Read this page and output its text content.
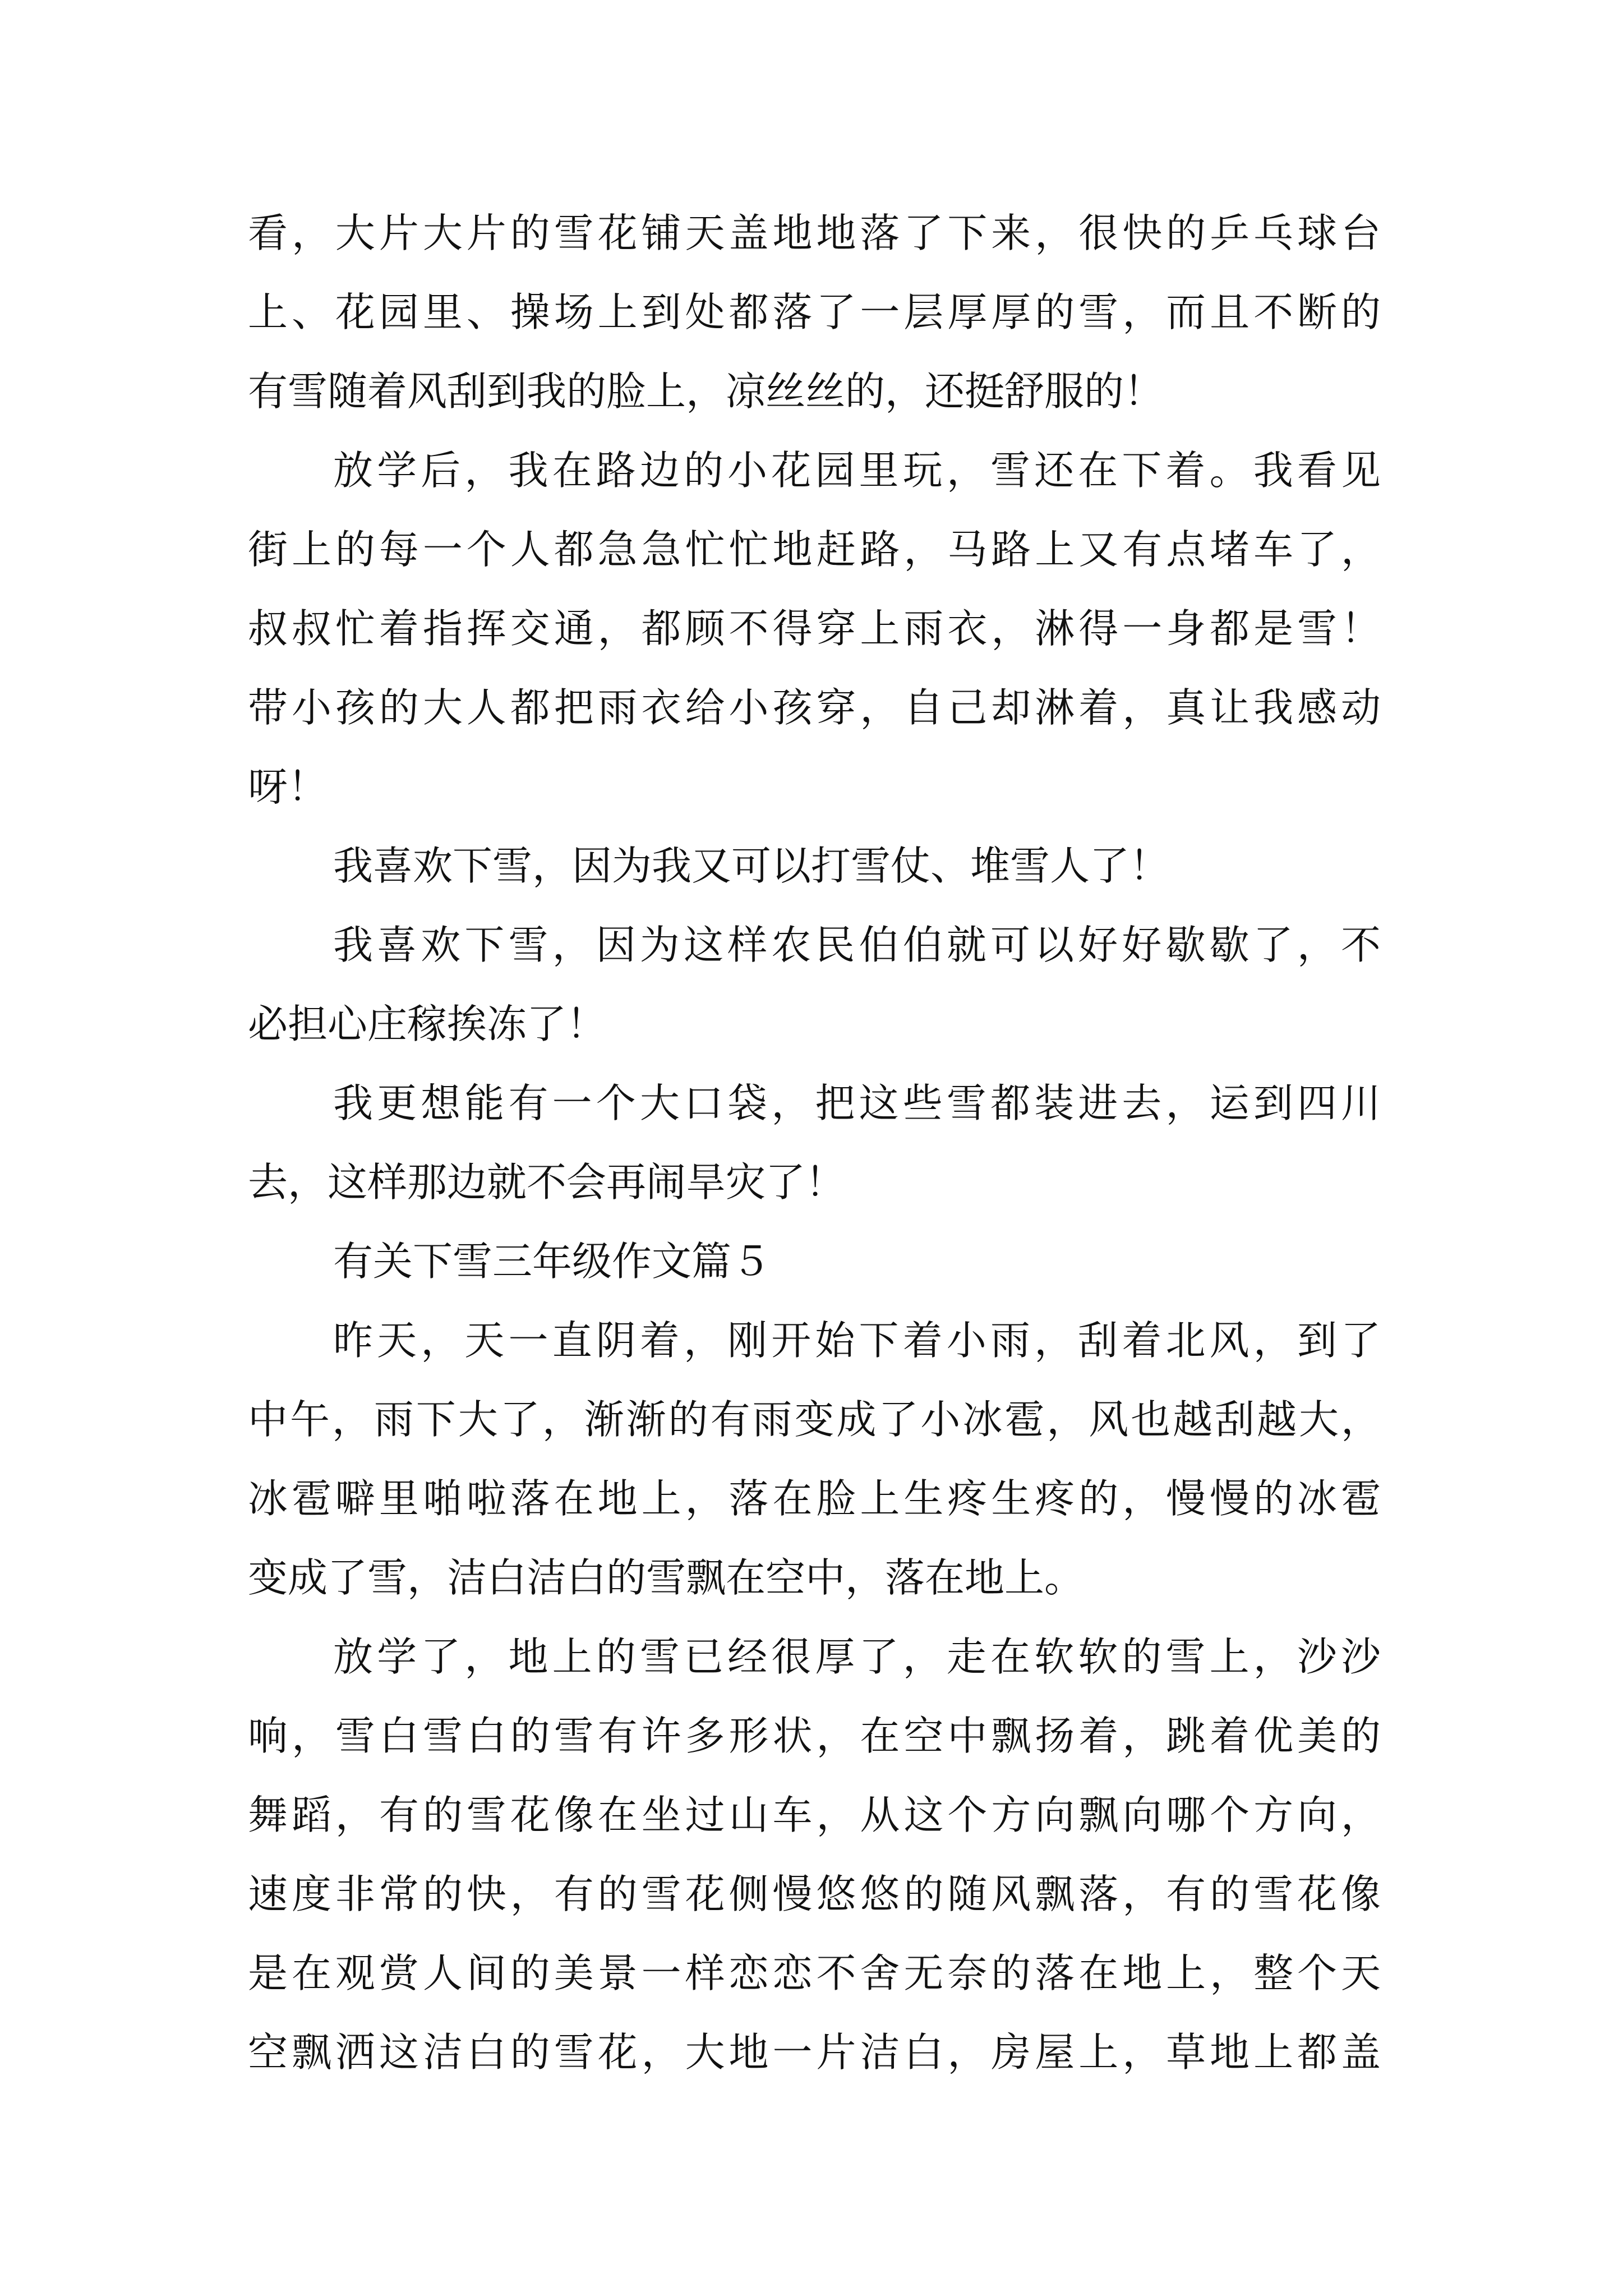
看，大片大片的雪花铺天盖地地落了下来，很快的乒乓球台
上、花园里、操场上到处都落了一层厚厚的雪，而且不断的
有雪随着风刮到我的脸上，凉丝丝的，还挺舒服的！
放学后，我在路边的小花园里玩，雪还在下着。我看见
街上的每一个人都急急忙忙地赶路，马路上又有点堵车了，
叔叔忙着指挥交通，都顾不得穿上雨衣，淋得一身都是雪！
带小孩的大人都把雨衣给小孩穿，自己却淋着，真让我感动
呀！
我喜欢下雪，因为我又可以打雪仗、堆雪人了！
我喜欢下雪，因为这样农民伯伯就可以好好歇歇了，不
必担心庄稼挨冻了！
我更想能有一个大口袋，把这些雪都装进去，运到四川
去，这样那边就不会再闹旱灾了！
有关下雪三年级作文篇５
昨天，天一直阴着，刚开始下着小雨，刮着北风，到了
中午，雨下大了，渐渐的有雨变成了小冰雹，风也越刮越大，
冰雹噼里啪啦落在地上，落在脸上生疼生疼的，慢慢的冰雹
变成了雪，洁白洁白的雪飘在空中，落在地上。
放学了，地上的雪已经很厚了，走在软软的雪上，沙沙
响，雪白雪白的雪有许多形状，在空中飘扬着，跳着优美的
舞蹈，有的雪花像在坐过山车，从这个方向飘向哪个方向，
速度非常的快，有的雪花侧慢悠悠的随风飘落，有的雪花像
是在观赏人间的美景一样恋恋不舍无奈的落在地上，整个天
空飘洒这洁白的雪花，大地一片洁白，房屋上，草地上都盖
